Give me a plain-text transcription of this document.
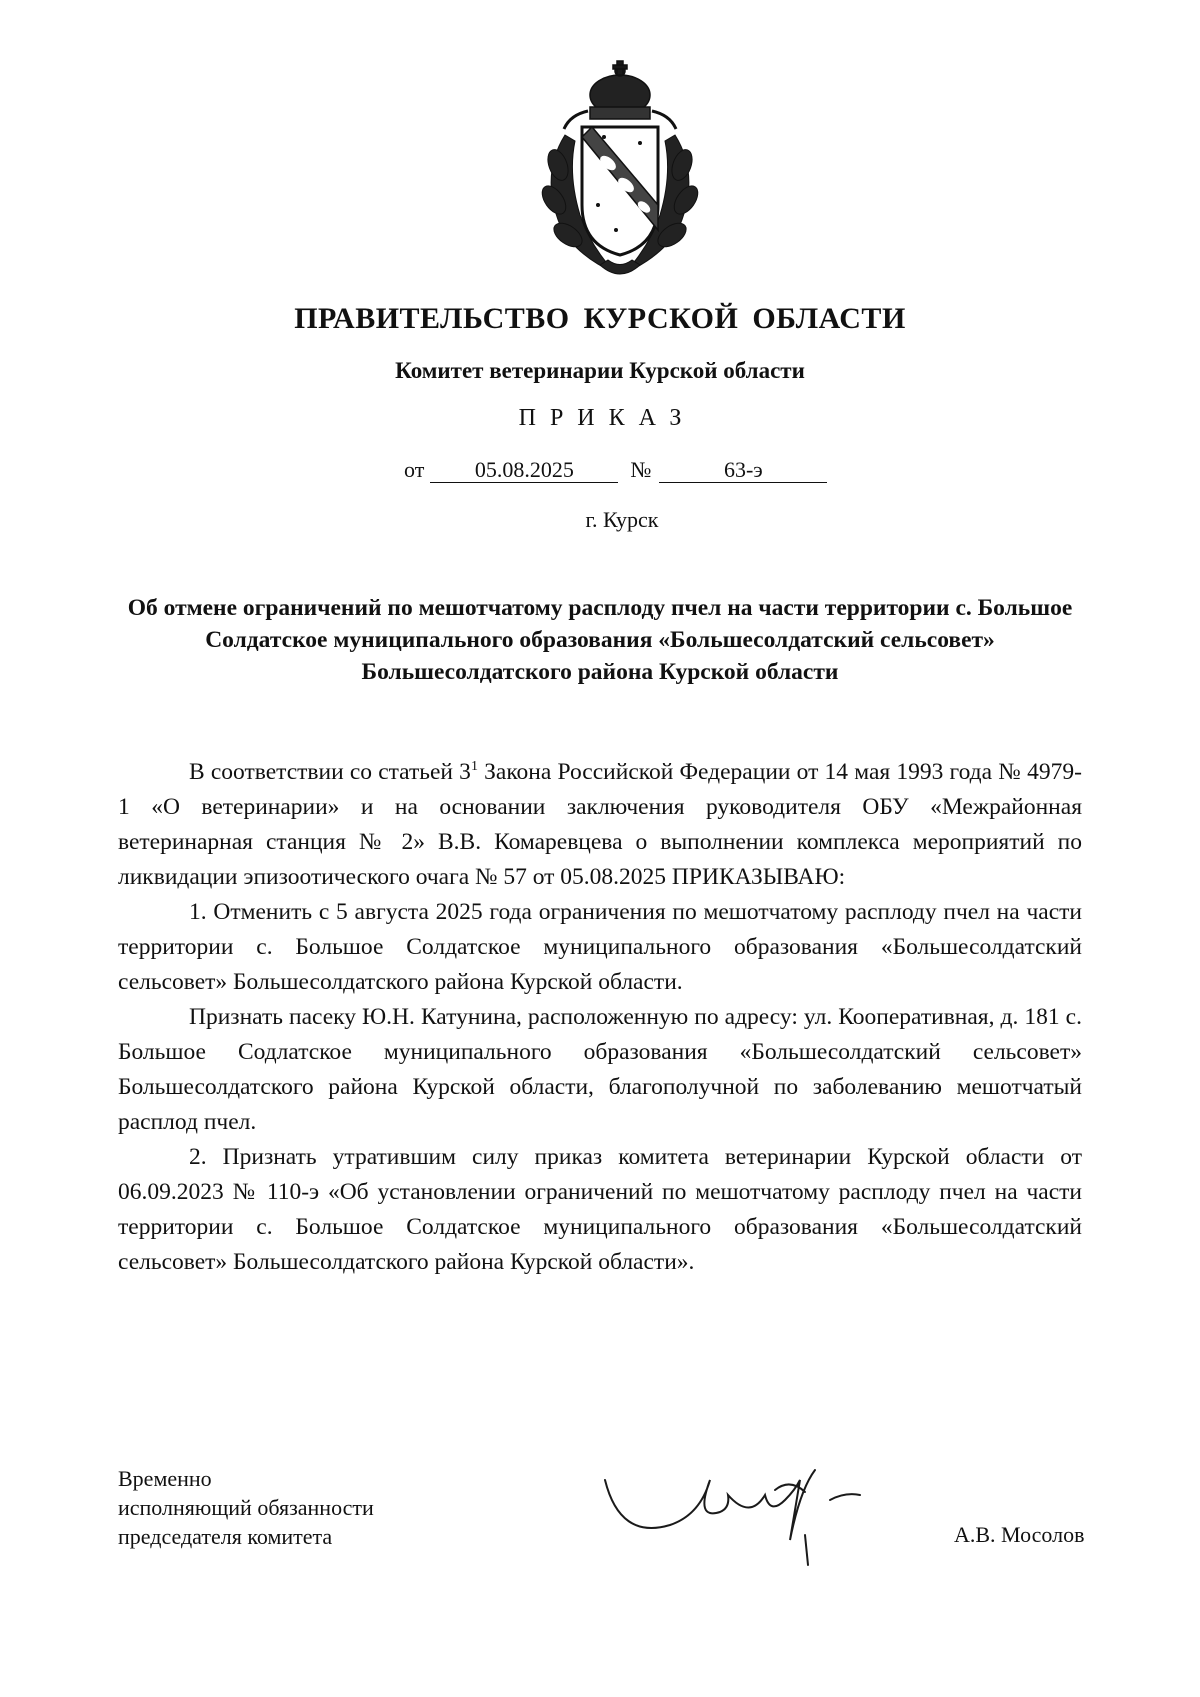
ПРАВИТЕЛЬСТВО КУРСКОЙ ОБЛАСТИ
Комитет ветеринарии Курской области
ПРИКАЗ
от 05.08.2025	№	63-э
г. Курск
Об отмене ограничений по мешотчатому расплоду пчел на части территории с. Большое Солдатское муниципального образования «Большесолдатский сельсовет» Большесолдатского района Курской области

В соответствии со статьей $3^1$ Закона Российской Федерации от 14 мая 1993 года № 4979-1 «О ветеринарии» и на основании заключения руководителя ОБУ «Межрайонная ветеринарная станция № 2» В.В. Комаревцева о выполнении комплекса мероприятий по ликвидации эпизоотического очага № 57 от 05.08.2025 ПРИКАЗЫВАЮ:

1. Отменить с 5 августа 2025 года ограничения по мешотчатому расплоду пчел на части территории с. Большое Солдатское муниципального образования «Большесолдатский сельсовет» Большесолдатского района Курской области.

Признать пасеку Ю.Н. Катунина, расположенную по адресу: ул. Кооперативная, д. 181 с. Большое Содлатское муниципального образования «Большесолдатский сельсовет» Большесолдатского района Курской области, благополучной по заболеванию мешотчатый расплод пчел.

2. Признать утратившим силу приказ комитета ветеринарии Курской области от 06.09.2023 № 110-э «Об установлении ограничений по мешотчатому расплоду пчел на части территории с. Большое Солдатское муниципального образования «Большесолдатский сельсовет» Большесолдатского района Курской области».

Временно
исполняющий обязанности
председателя комитета	А.В. Мосолов
